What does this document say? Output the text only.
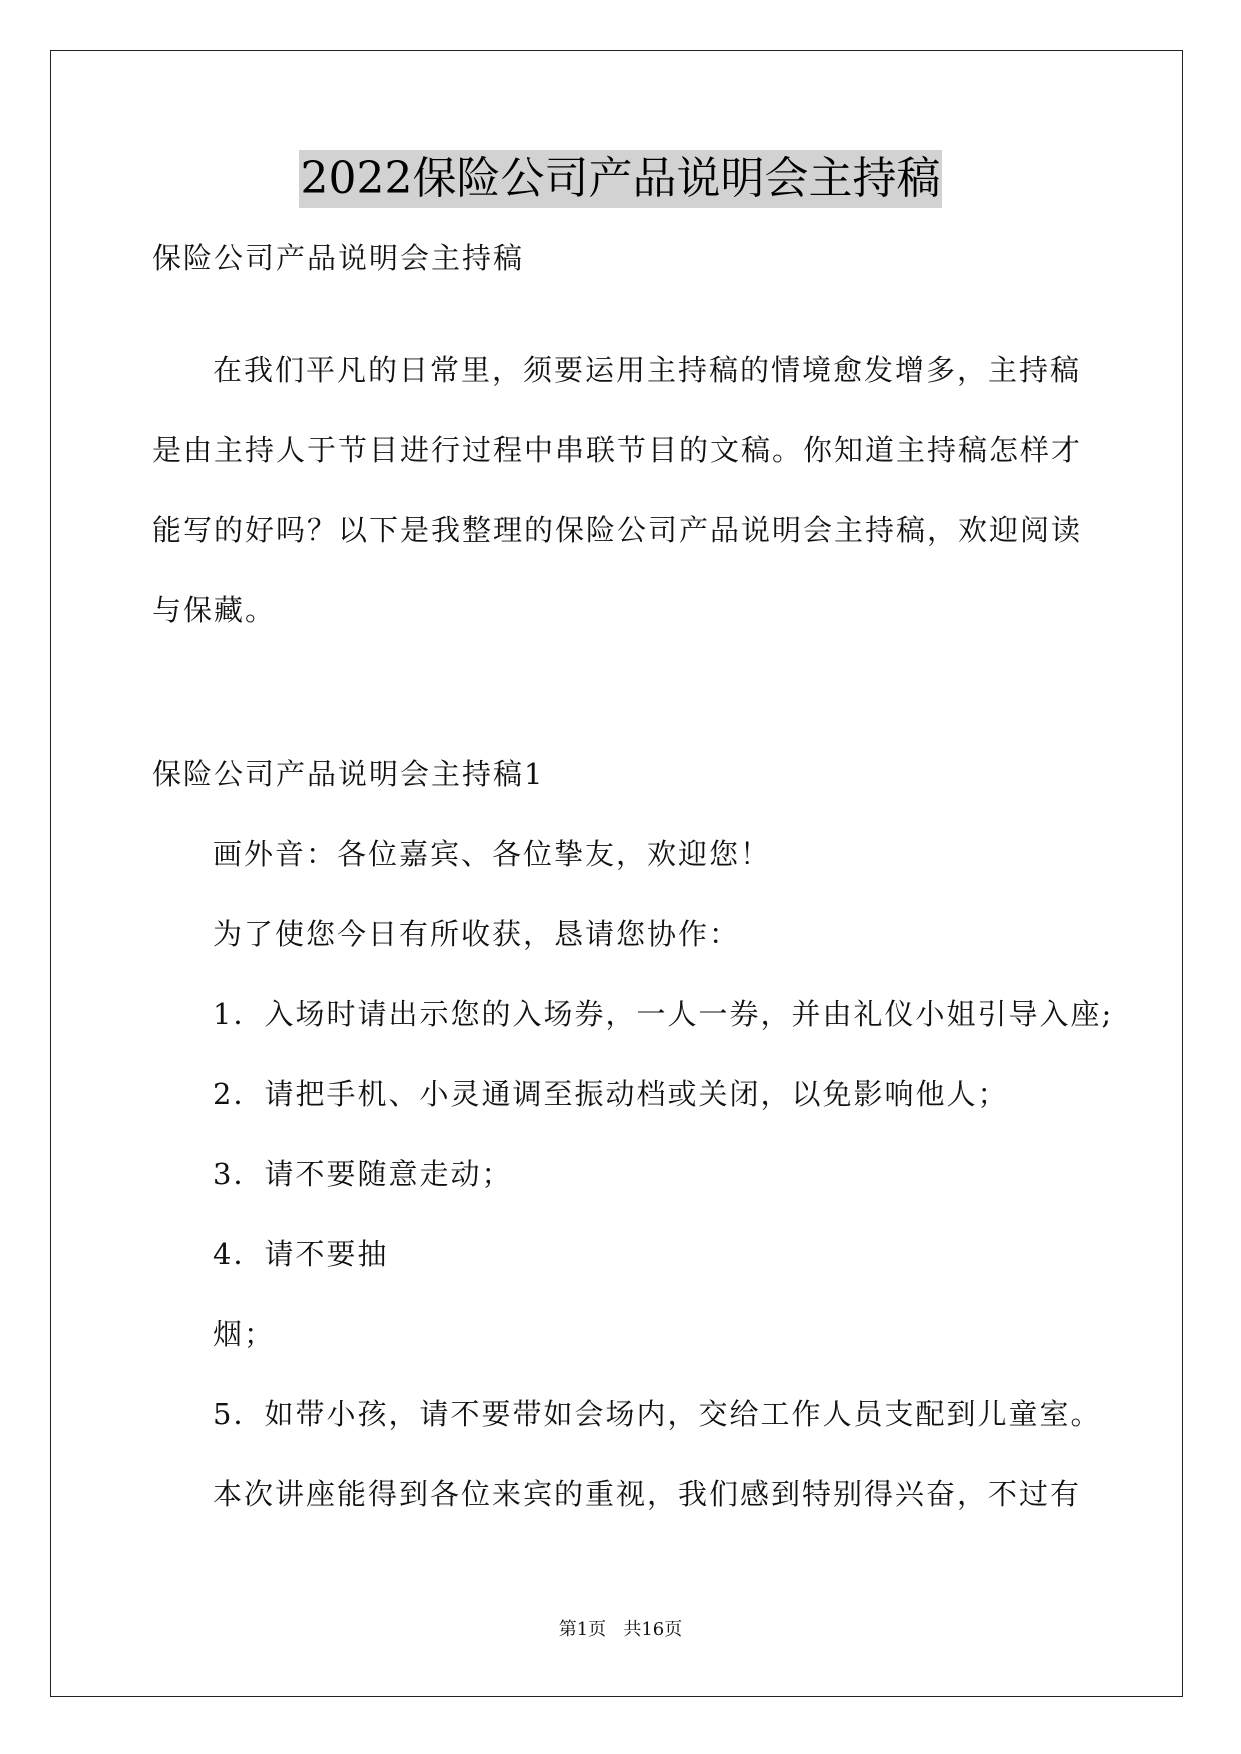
2022保险公司产品说明会主持稿
保险公司产品说明会主持稿
在我们平凡的日常里，须要运用主持稿的情境愈发增多，主持稿
是由主持人于节目进行过程中串联节目的文稿。你知道主持稿怎样才
能写的好吗？以下是我整理的保险公司产品说明会主持稿，欢迎阅读
与保藏。
保险公司产品说明会主持稿1
画外音：各位嘉宾、各位挚友，欢迎您！
为了使您今日有所收获，恳请您协作：
1．入场时请出示您的入场券，一人一券，并由礼仪小姐引导入座;
2．请把手机、小灵通调至振动档或关闭，以免影响他人；
3．请不要随意走动；
4．请不要抽
烟；
5．如带小孩，请不要带如会场内，交给工作人员支配到儿童室。
本次讲座能得到各位来宾的重视，我们感到特别得兴奋，不过有
第1页   共16页
